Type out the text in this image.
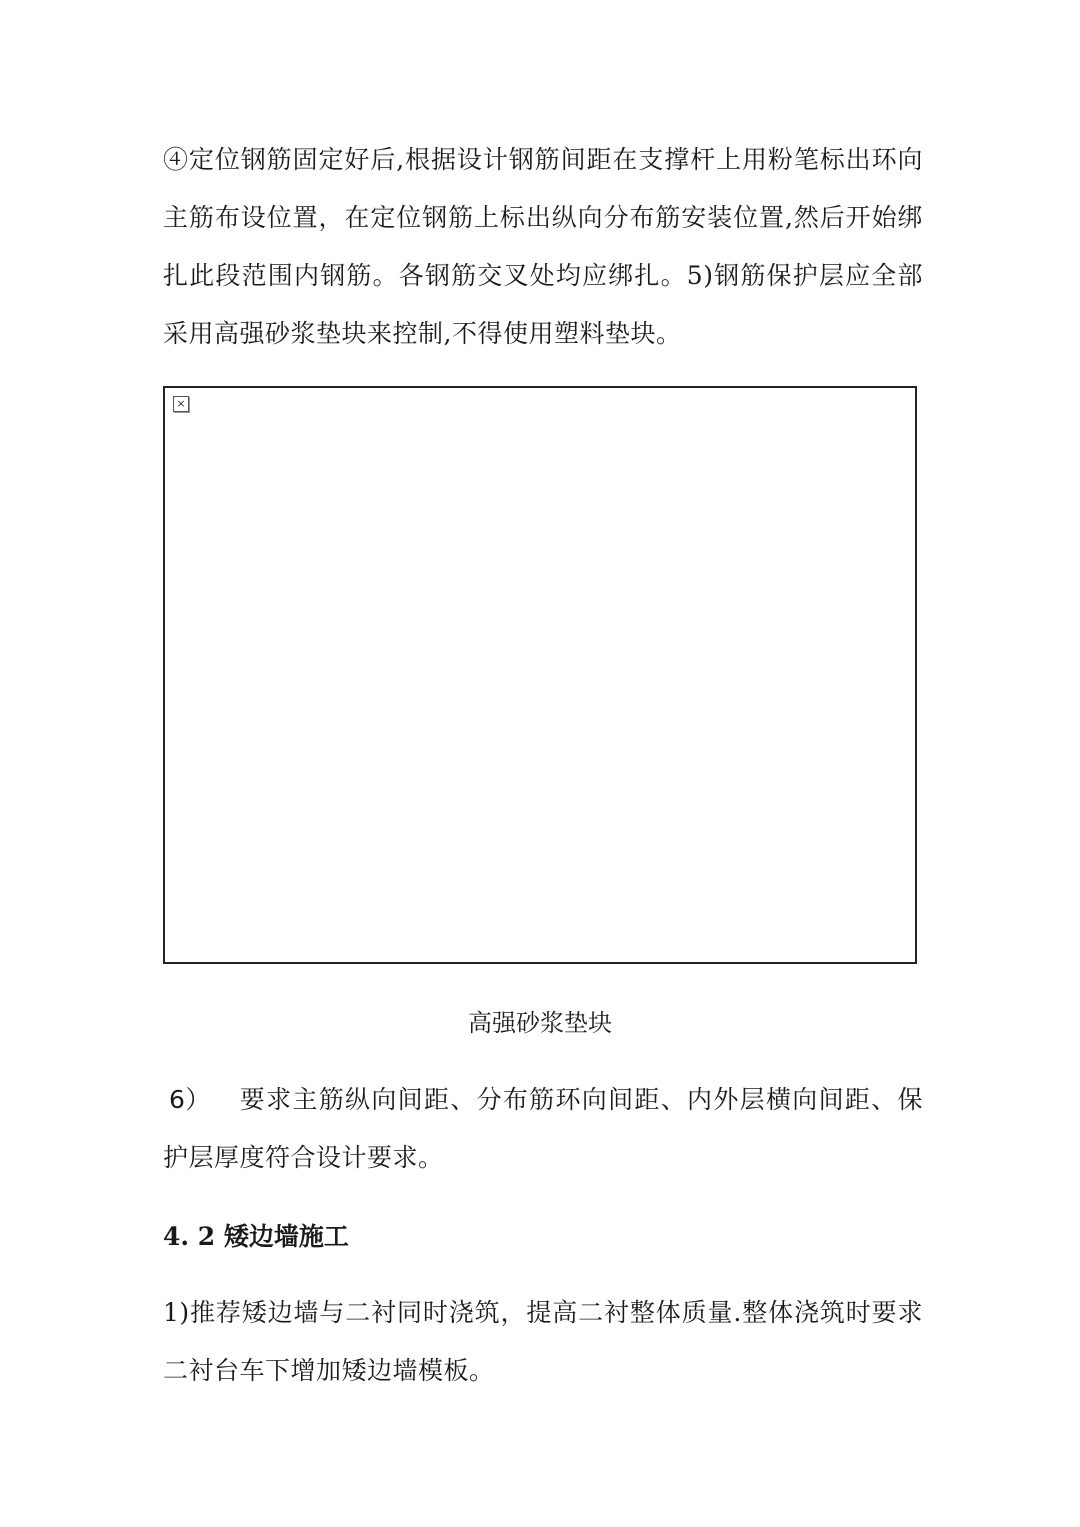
④定位钢筋固定好后,根据设计钢筋间距在支撑杆上用粉笔标出环向主筋布设位置，在定位钢筋上标出纵向分布筋安装位置,然后开始绑扎此段范围内钢筋。各钢筋交叉处均应绑扎。5)钢筋保护层应全部采用高强砂浆垫块来控制,不得使用塑料垫块。

×

高强砂浆垫块

6） 要求主筋纵向间距、分布筋环向间距、内外层横向间距、保护层厚度符合设计要求。

4. 2 矮边墙施工

1)推荐矮边墙与二衬同时浇筑，提高二衬整体质量.整体浇筑时要求二衬台车下增加矮边墙模板。
